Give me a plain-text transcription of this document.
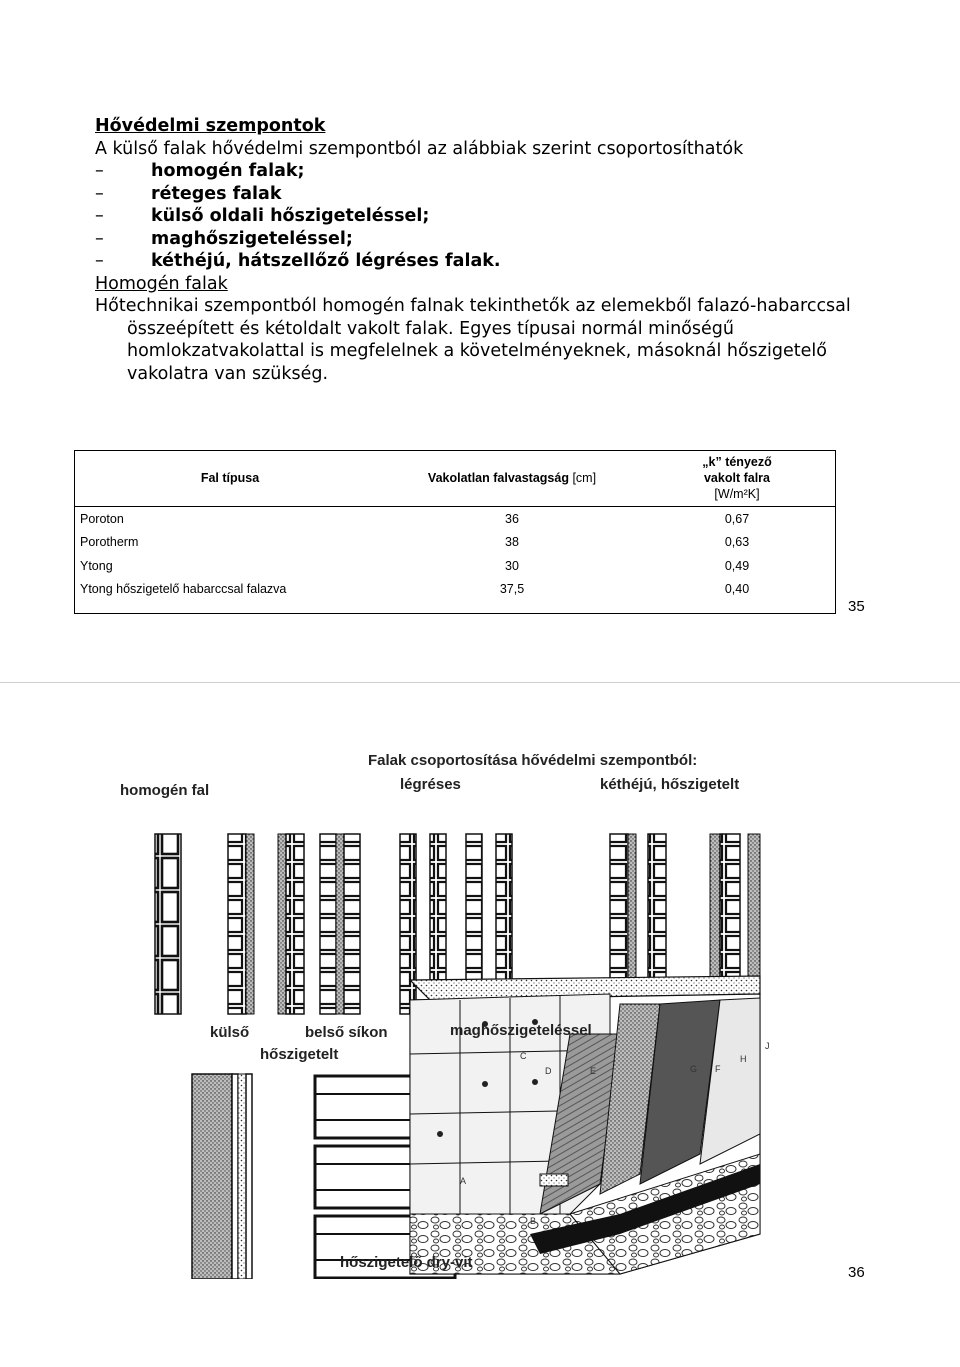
Hővédelmi szempontok
A külső falak hővédelmi szempontból az alábbiak szerint csoportosíthatók
–	homogén falak;
–	réteges falak
–	külső oldali hőszigeteléssel;
–	maghőszigeteléssel;
–	kéthéjú, hátszellőző légréses falak.
Homogén falak
Hőtechnikai szempontból homogén falnak tekinthetők az elemekből falazó-habarccsal összeépített és kétoldalt vakolt falak. Egyes típusai normál minőségű homlokzatvakolattal is megfelelnek a követelményeknek, másoknál hőszigetelő vakolatra van szükség.
Fal típusa	Vakolatlan falvastagság [cm]	„k” tényező
vakolt falra
[W/m²K]

Poroton	36	0,67
Porotherm	38	0,63
Ytong	30	0,49
Ytong hőszigetelő habarccsal falazva	37,5	0,40
35
A
B
C
D	E	F
G
H
J
Falak csoportosítása hővédelmi szempontból:
homogén fal	légréses	kéthéjú, hőszigetelt
külső
hőszigetelt
belső síkon	maghőszigeteléssel
hőszigetelő dry-vit
36
